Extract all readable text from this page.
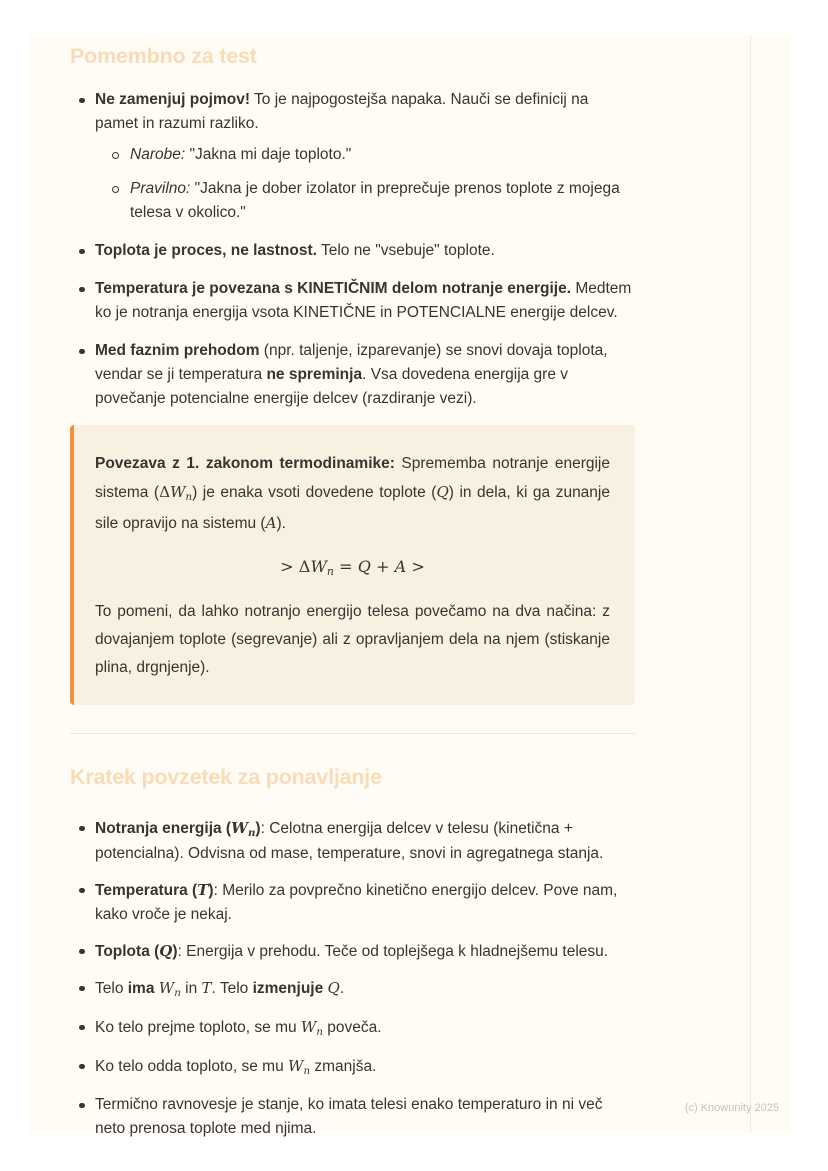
Pomembno za test
Ne zamenjuj pojmov! To je najpogostejša napaka. Nauči se definicij na pamet in razumi razliko.
Narobe: "Jakna mi daje toploto."
Pravilno: "Jakna je dober izolator in preprečuje prenos toplote z mojega telesa v okolico."
Toplota je proces, ne lastnost. Telo ne "vsebuje" toplote.
Temperatura je povezana s KINETIČNIM delom notranje energije. Medtem ko je notranja energija vsota KINETIČNE in POTENCIALNE energije delcev.
Med faznim prehodom (npr. taljenje, izparevanje) se snovi dovaja toplota, vendar se ji temperatura ne spreminja. Vsa dovedena energija gre v povečanje potencialne energije delcev (razdiranje vezi).

Povezava z 1. zakonom termodinamike: Sprememba notranje energije sistema $(\Delta W_n)$ je enaka vsoti dovedene toplote (Q) in dela, ki ga zunanje sile opravijo na sistemu (A).

> $\Delta W_n = Q + A$ >

To pomeni, da lahko notranjo energijo telesa povečamo na dva načina: z dovajanjem toplote (segrevanje) ali z opravljanjem dela na njem (stiskanje plina, drgnjenje).

Kratek povzetek za ponavljanje
Notranja energija $(W_n)$: Celotna energija delcev v telesu (kinetična + potencialna). Odvisna od mase, temperature, snovi in agregatnega stanja.
Temperatura (T): Merilo za povprečno kinetično energijo delcev. Pove nam, kako vroče je nekaj.
Toplota (Q): Energija v prehodu. Teče od toplejšega k hladnejšemu telesu.
Telo ima $W_n$ in T. Telo izmenjuje Q.
Ko telo prejme toploto, se mu $W_n$ poveča.
Ko telo odda toploto, se mu $W_n$ zmanjša.
Termično ravnovesje je stanje, ko imata telesi enako temperaturo in ni več neto prenosa toplote med njima.
(c) Knowunity 2025
